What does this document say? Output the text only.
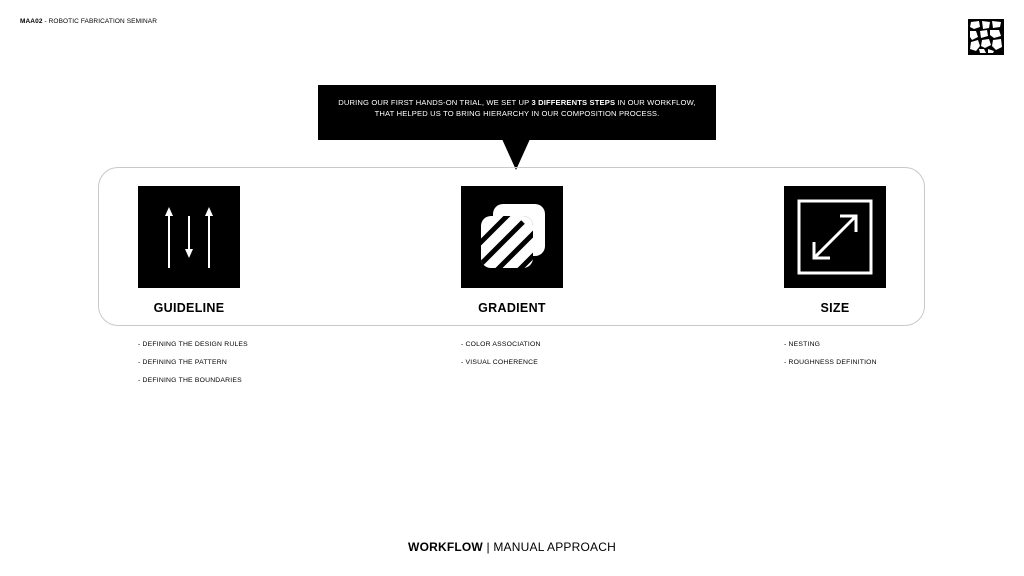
MAA02 - ROBOTIC FABRICATION SEMINAR
DURING OUR FIRST HANDS-ON TRIAL, WE SET UP 3 DIFFERENTS STEPS IN OUR WORKFLOW,
THAT HELPED US TO BRING HIERARCHY IN OUR COMPOSITION PROCESS.
GUIDELINE	GRADIENT	SIZE
- DEFINING THE DESIGN RULES
- DEFINING THE PATTERN
- DEFINING THE BOUNDARIES
- COLOR ASSOCIATION
- VISUAL COHERENCE
- NESTING
- ROUGHNESS DEFINITION
WORKFLOW | MANUAL APPROACH
